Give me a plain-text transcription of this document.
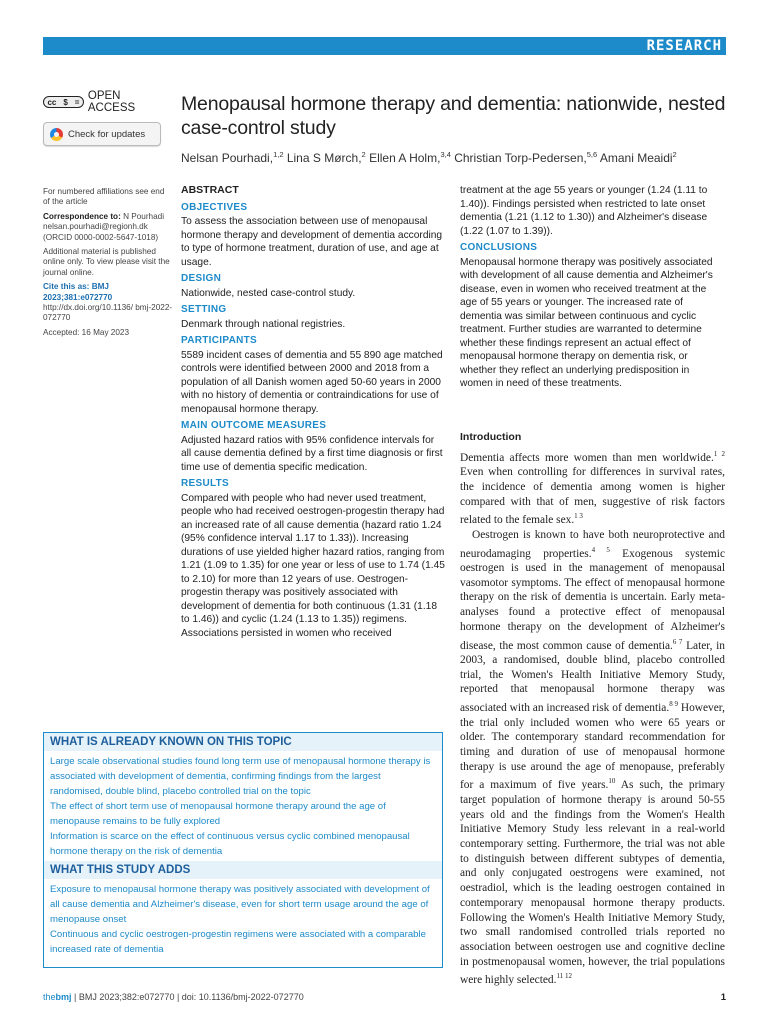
RESEARCH
cc $ = OPEN ACCESS
Check for updates

For numbered affiliations see end of the article

Correspondence to: N Pourhadi
nelsan.pourhadi@regionh.dk
(ORCID 0000-0002-5647-1018)

Additional material is published online only. To view please visit the journal online.

Cite this as: BMJ 2023;381:e072770
http://dx.doi.org/10.1136/ bmj-2022-072770

Accepted: 16 May 2023

Menopausal hormone therapy and dementia: nationwide, nested case-control study
Nelsan Pourhadi,$^{1,2}$ Lina S Mørch,$^2$ Ellen A Holm,$^{3,4}$ Christian Torp-Pedersen,$^{5,6}$ Amani Meaidi$^2$

ABSTRACT

OBJECTIVES

To assess the association between use of menopausal hormone therapy and development of dementia according to type of hormone treatment, duration of use, and age at usage.

DESIGN

Nationwide, nested case-control study.

SETTING

Denmark through national registries.

PARTICIPANTS

5589 incident cases of dementia and 55 890 age matched controls were identified between 2000 and 2018 from a population of all Danish women aged 50-60 years in 2000 with no history of dementia or contraindications for use of menopausal hormone therapy.

MAIN OUTCOME MEASURES

Adjusted hazard ratios with 95% confidence intervals for all cause dementia defined by a first time diagnosis or first time use of dementia specific medication.

RESULTS

Compared with people who had never used treatment, people who had received oestrogen-progestin therapy had an increased rate of all cause dementia (hazard ratio 1.24 (95% confidence interval 1.17 to 1.33)). Increasing durations of use yielded higher hazard ratios, ranging from 1.21 (1.09 to 1.35) for one year or less of use to 1.74 (1.45 to 2.10) for more than 12 years of use. Oestrogen-progestin therapy was positively associated with development of dementia for both continuous (1.31 (1.18 to 1.46)) and cyclic (1.24 (1.13 to 1.35)) regimens. Associations persisted in women who received

treatment at the age 55 years or younger (1.24 (1.11 to 1.40)). Findings persisted when restricted to late onset dementia (1.21 (1.12 to 1.30)) and Alzheimer's disease (1.22 (1.07 to 1.39)).

CONCLUSIONS

Menopausal hormone therapy was positively associated with development of all cause dementia and Alzheimer's disease, even in women who received treatment at the age of 55 years or younger. The increased rate of dementia was similar between continuous and cyclic treatment. Further studies are warranted to determine whether these findings represent an actual effect of menopausal hormone therapy on dementia risk, or whether they reflect an underlying predisposition in women in need of these treatments.

Introduction

Dementia affects more women than men worldwide.$^{1 2}$ Even when controlling for differences in survival rates, the incidence of dementia among women is higher compared with that of men, suggestive of risk factors related to the female sex.$^{1 3}$

Oestrogen is known to have both neuroprotective and neurodamaging properties.$^{4 5}$ Exogenous systemic oestrogen is used in the management of menopausal vasomotor symptoms. The effect of menopausal hormone therapy on the risk of dementia is uncertain. Early meta-analyses found a protective effect of menopausal hormone therapy on the development of Alzheimer's disease, the most common cause of dementia.$^{6 7}$ Later, in 2003, a randomised, double blind, placebo controlled trial, the Women's Health Initiative Memory Study, reported that menopausal hormone therapy was associated with an increased risk of dementia.$^{8 9}$ However, the trial only included women who were 65 years or older. The contemporary standard recommendation for timing and duration of use of menopausal hormone therapy is use around the age of menopause, preferably for a maximum of five years.$^{10}$ As such, the primary target population of hormone therapy is around 50-55 years old and the findings from the Women's Health Initiative Memory Study less relevant in a real-world contemporary setting. Furthermore, the trial was not able to distinguish between different subtypes of dementia, and only conjugated oestrogens were examined, not oestradiol, which is the leading oestrogen contained in contemporary menopausal hormone therapy products. Following the Women's Health Initiative Memory Study, two small randomised controlled trials reported no association between oestrogen use and cognitive decline in postmenopausal women, however, the trial populations were highly selected.$^{11 12}$

WHAT IS ALREADY KNOWN ON THIS TOPIC

Large scale observational studies found long term use of menopausal hormone therapy is associated with development of dementia, confirming findings from the largest randomised, double blind, placebo controlled trial on the topic

The effect of short term use of menopausal hormone therapy around the age of menopause remains to be fully explored

Information is scarce on the effect of continuous versus cyclic combined menopausal hormone therapy on the risk of dementia

WHAT THIS STUDY ADDS

Exposure to menopausal hormone therapy was positively associated with development of all cause dementia and Alzheimer's disease, even for short term usage around the age of menopause onset

Continuous and cyclic oestrogen-progestin regimens were associated with a comparable increased rate of dementia

thebmj | BMJ 2023;382:e072770 | doi: 10.1136/bmj-2022-072770	1
